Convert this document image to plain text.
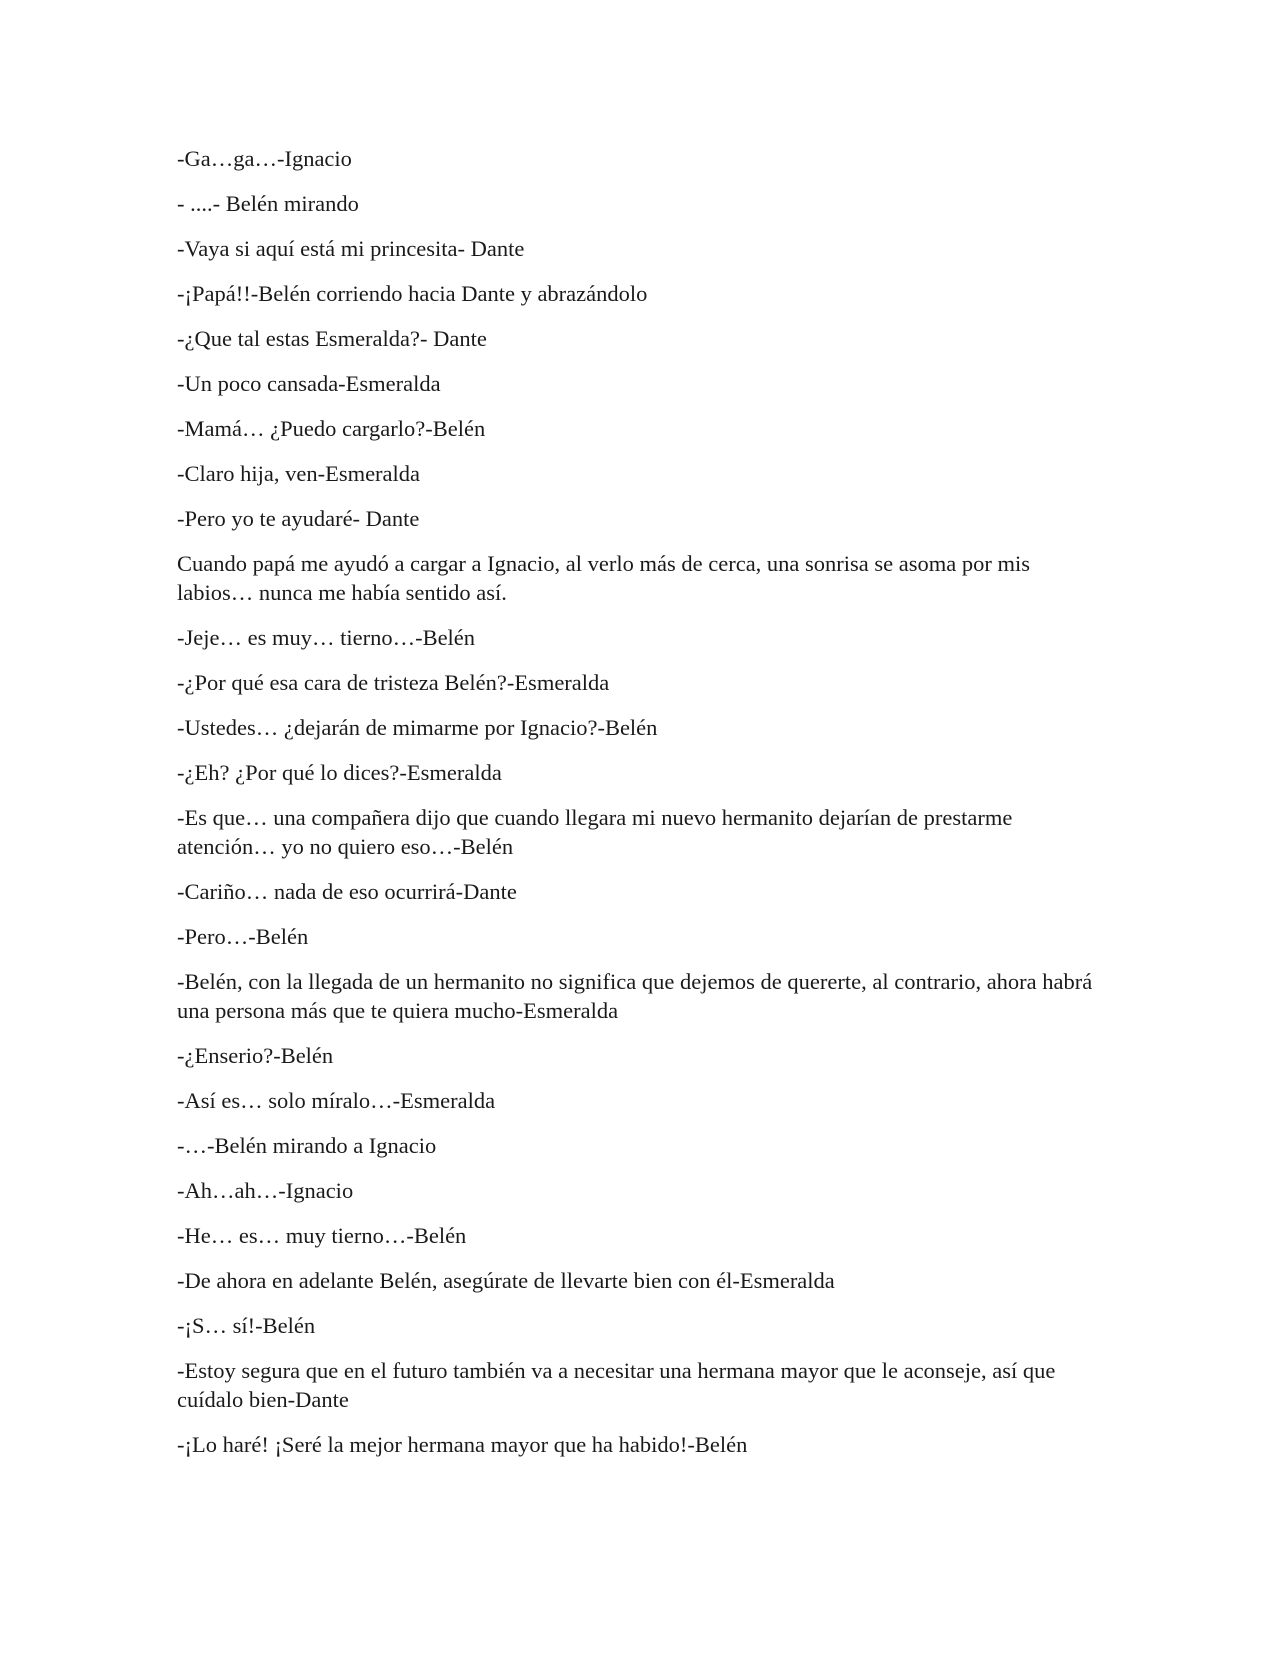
-Ga…ga…-Ignacio

- ....- Belén mirando

-Vaya si aquí está mi princesita- Dante

-¡Papá!!-Belén corriendo hacia Dante y abrazándolo

-¿Que tal estas Esmeralda?- Dante

-Un poco cansada-Esmeralda

-Mamá… ¿Puedo cargarlo?-Belén

-Claro hija, ven-Esmeralda

-Pero yo te ayudaré- Dante

Cuando papá me ayudó a cargar a Ignacio, al verlo más de cerca, una sonrisa se asoma por mis labios… nunca me había sentido así.

-Jeje… es muy… tierno…-Belén

-¿Por qué esa cara de tristeza Belén?-Esmeralda

-Ustedes… ¿dejarán de mimarme por Ignacio?-Belén

-¿Eh? ¿Por qué lo dices?-Esmeralda

-Es que… una compañera dijo que cuando llegara mi nuevo hermanito dejarían de prestarme atención… yo no quiero eso…-Belén

-Cariño… nada de eso ocurrirá-Dante

-Pero…-Belén

-Belén, con la llegada de un hermanito no significa que dejemos de quererte, al contrario, ahora habrá una persona más que te quiera mucho-Esmeralda

-¿Enserio?-Belén

-Así es… solo míralo…-Esmeralda

-…-Belén mirando a Ignacio

-Ah…ah…-Ignacio

-He… es… muy tierno…-Belén

-De ahora en adelante Belén, asegúrate de llevarte bien con él-Esmeralda

-¡S… sí!-Belén

-Estoy segura que en el futuro también va a necesitar una hermana mayor que le aconseje, así que cuídalo bien-Dante

-¡Lo haré! ¡Seré la mejor hermana mayor que ha habido!-Belén
